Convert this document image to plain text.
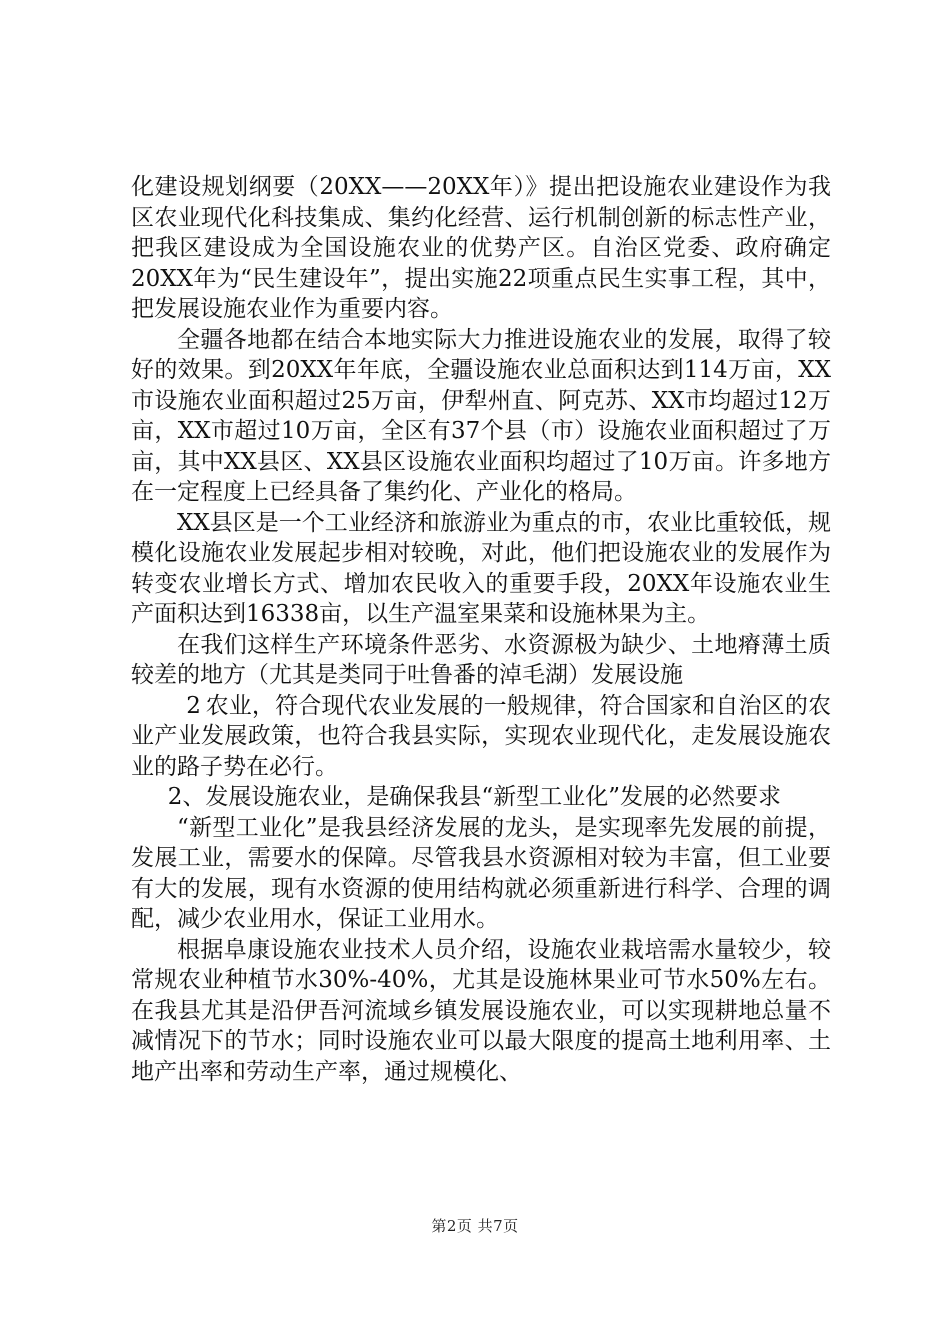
化建设规划纲要（20XX——20XX年）》提出把设施农业建设作为我区农业现代化科技集成、集约化经营、运行机制创新的标志性产业，把我区建设成为全国设施农业的优势产区。自治区党委、政府确定20XX年为“民生建设年”，提出实施22项重点民生实事工程，其中，把发展设施农业作为重要内容。

全疆各地都在结合本地实际大力推进设施农业的发展，取得了较好的效果。到20XX年年底，全疆设施农业总面积达到114万亩，XX市设施农业面积超过25万亩，伊犁州直、阿克苏、XX市均超过12万亩，XX市超过10万亩，全区有37个县（市）设施农业面积超过了万亩，其中XX县区、XX县区设施农业面积均超过了10万亩。许多地方在一定程度上已经具备了集约化、产业化的格局。

XX县区是一个工业经济和旅游业为重点的市，农业比重较低，规模化设施农业发展起步相对较晚，对此，他们把设施农业的发展作为转变农业增长方式、增加农民收入的重要手段，20XX年设施农业生产面积达到16338亩，以生产温室果菜和设施林果为主。

在我们这样生产环境条件恶劣、水资源极为缺少、土地瘠薄土质较差的地方（尤其是类同于吐鲁番的淖毛湖）发展设施

2 农业，符合现代农业发展的一般规律，符合国家和自治区的农业产业发展政策，也符合我县实际，实现农业现代化，走发展设施农业的路子势在必行。

2、发展设施农业，是确保我县“新型工业化”发展的必然要求

“新型工业化”是我县经济发展的龙头，是实现率先发展的前提，发展工业，需要水的保障。尽管我县水资源相对较为丰富，但工业要有大的发展，现有水资源的使用结构就必须重新进行科学、合理的调配，减少农业用水，保证工业用水。

根据阜康设施农业技术人员介绍，设施农业栽培需水量较少，较常规农业种植节水30%-40%，尤其是设施林果业可节水50%左右。在我县尤其是沿伊吾河流域乡镇发展设施农业，可以实现耕地总量不减情况下的节水；同时设施农业可以最大限度的提高土地利用率、土地产出率和劳动生产率，通过规模化、

第2页 共7页
